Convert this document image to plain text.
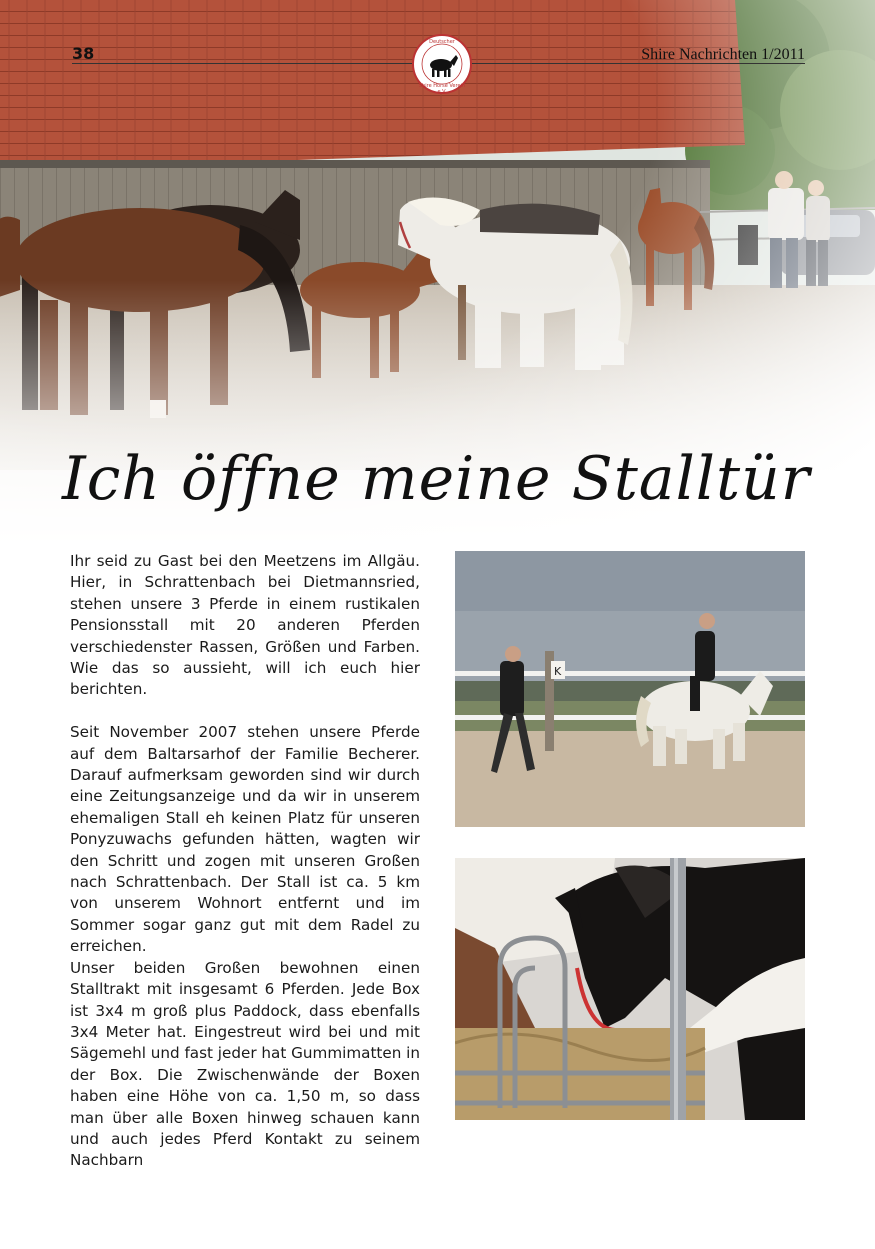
38	Shire Nachrichten 1/2011
Deutscher
Shire Horse Verein e.V.
Ich öffne meine Stalltür

Ihr seid zu Gast bei den Meetzens im Allgäu. Hier, in Schrattenbach bei Dietmannsried, stehen unsere 3 Pferde in einem rustikalen Pensionsstall mit 20 anderen Pferden verschiedenster Rassen, Größen und Farben. Wie das so aussieht, will ich euch hier berichten.

Seit November 2007 stehen unsere Pferde auf dem Baltarsarhof der Familie Becherer. Darauf aufmerksam geworden sind wir durch eine Zeitungsanzeige und da wir in unserem ehemaligen Stall eh keinen Platz für unseren Ponyzuwachs gefunden hätten, wagten wir den Schritt und zogen mit unseren Großen nach Schrattenbach. Der Stall ist ca. 5 km von unserem Wohnort entfernt und im Sommer sogar ganz gut mit dem Radel zu erreichen.

Unser beiden Großen bewohnen einen Stalltrakt mit insgesamt 6 Pferden. Jede Box ist 3x4 m groß plus Paddock, dass ebenfalls 3x4 Meter hat. Eingestreut wird bei und mit Sägemehl und fast jeder hat Gummimatten in der Box. Die Zwischenwände der Boxen haben eine Höhe von ca. 1,50 m, so dass man über alle Boxen hinweg schauen kann und auch jedes Pferd Kontakt zu seinem Nachbarn

K
